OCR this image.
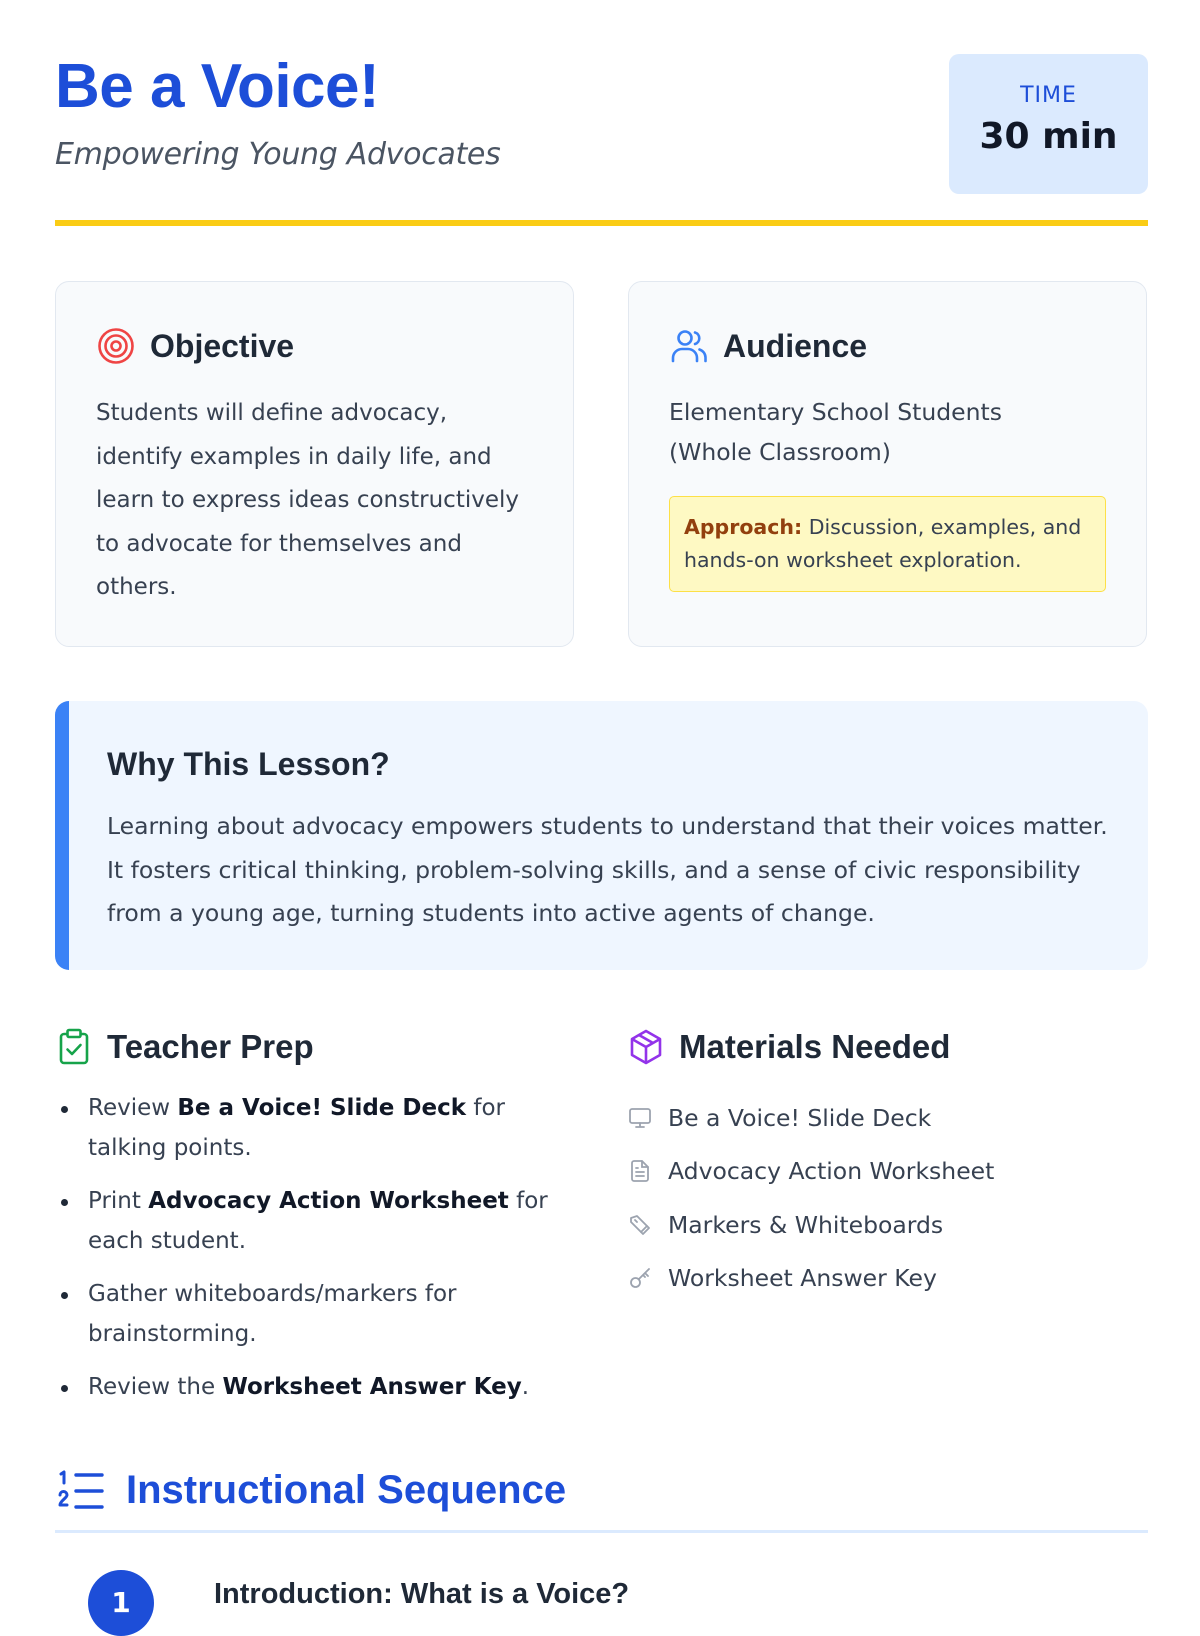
Be a Voice!
Empowering Young Advocates
TIME
30 min
Objective

Students will define advocacy, identify examples in daily life, and learn to express ideas constructively to advocate for themselves and others.

Audience
Elementary School Students
(Whole Classroom)
Approach: Discussion, examples, and hands-on worksheet exploration.
Why This Lesson?

Learning about advocacy empowers students to understand that their voices matter. It fosters critical thinking, problem-solving skills, and a sense of civic responsibility from a young age, turning students into active agents of change.

Teacher Prep
Review Be a Voice! Slide Deck for talking points.
Print Advocacy Action Worksheet for each student.
Gather whiteboards/markers for brainstorming.
Review the Worksheet Answer Key.
Materials Needed
Be a Voice! Slide Deck
Advocacy Action Worksheet
Markers & Whiteboards
Worksheet Answer Key
Instructional Sequence
1	Introduction: What is a Voice?
